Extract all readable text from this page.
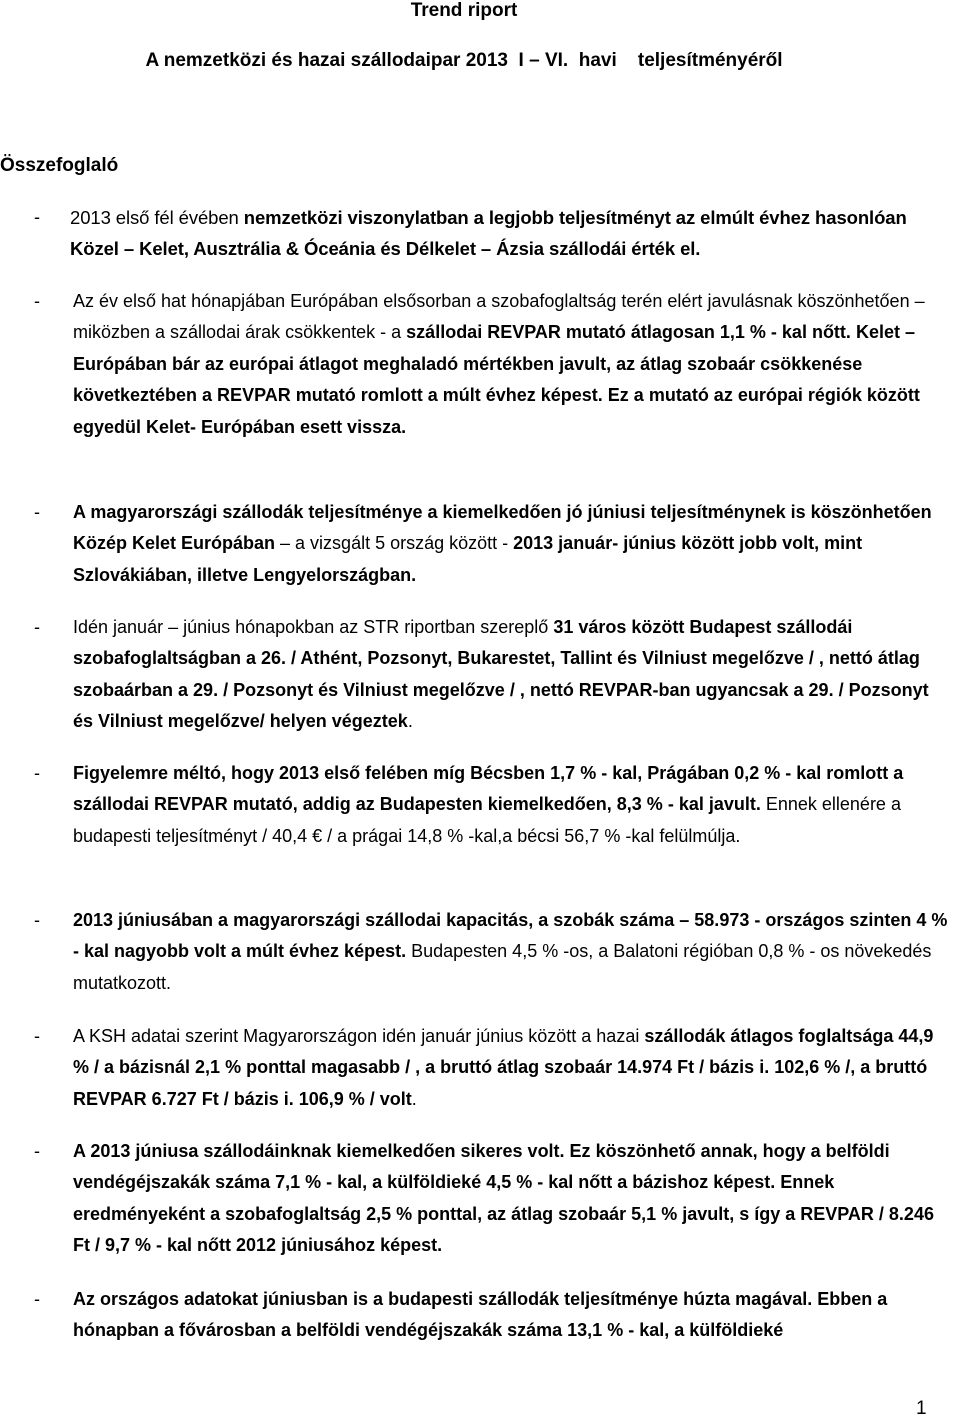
Trend riport
A nemzetközi és hazai szállodaipar 2013  I – VI.  havi    teljesítményéről
Összefoglaló
- 2013 első fél évében nemzetközi viszonylatban a legjobb teljesítményt az elmúlt évhez hasonlóan Közel – Kelet, Ausztrália & Óceánia és Délkelet – Ázsia szállodái érték el.
- Az év első hat hónapjában Európában elsősorban a szobafoglaltság terén elért javulásnak köszönhetően – miközben a szállodai árak csökkentek - a szállodai REVPAR mutató átlagosan 1,1 % - kal nőtt. Kelet – Európában bár az európai átlagot meghaladó mértékben javult, az átlag szobaár csökkenése következtében a REVPAR mutató romlott a múlt évhez képest. Ez a mutató az európai régiók között egyedül Kelet- Európában esett vissza.
- A magyarországi szállodák teljesítménye a kiemelkedően jó júniusi teljesítménynek is köszönhetően Közép Kelet Európában – a vizsgált 5 ország között - 2013 január- június között jobb volt, mint Szlovákiában, illetve Lengyelországban.
- Idén január – június hónapokban az STR riportban szereplő 31 város között Budapest szállodái szobafoglaltságban a 26. / Athént, Pozsonyt, Bukarestet, Tallint és Vilniust megelőzve / , nettó átlag szobaárban a 29. / Pozsonyt és Vilniust megelőzve / , nettó REVPAR-ban ugyancsak a 29. / Pozsonyt és Vilniust megelőzve/ helyen végeztek.
- Figyelemre méltó, hogy 2013 első felében míg Bécsben 1,7 % - kal, Prágában 0,2 % - kal romlott a szállodai REVPAR mutató, addig az Budapesten kiemelkedően, 8,3 % - kal javult. Ennek ellenére a budapesti teljesítményt / 40,4 € / a prágai 14,8 % -kal,a bécsi 56,7 % -kal felülmúlja.
- 2013 júniusában a magyarországi szállodai kapacitás, a szobák száma – 58.973 - országos szinten 4 % - kal nagyobb volt a múlt évhez képest. Budapesten 4,5 % -os, a Balatoni régióban 0,8 % - os növekedés mutatkozott.
- A KSH adatai szerint Magyarországon idén január június között a hazai szállodák átlagos foglaltsága 44,9 % / a bázisnál 2,1 % ponttal magasabb / , a bruttó átlag szobaár 14.974 Ft / bázis i. 102,6 % /, a bruttó REVPAR 6.727 Ft / bázis i. 106,9 % / volt.
- A 2013 júniusa szállodáinknak kiemelkedően sikeres volt. Ez köszönhető annak, hogy a belföldi vendégéjszakák száma 7,1 % - kal, a külföldieké 4,5 % - kal nőtt a bázishoz képest. Ennek eredményeként a szobafoglaltság 2,5 % ponttal, az átlag szobaár 5,1 % javult, s így a REVPAR / 8.246 Ft / 9,7 % - kal nőtt 2012 júniusához képest.
- Az országos adatokat júniusban is a budapesti szállodák teljesítménye húzta magával. Ebben a hónapban a fővárosban a belföldi vendégéjszakák száma 13,1 % - kal, a külföldieké
1
